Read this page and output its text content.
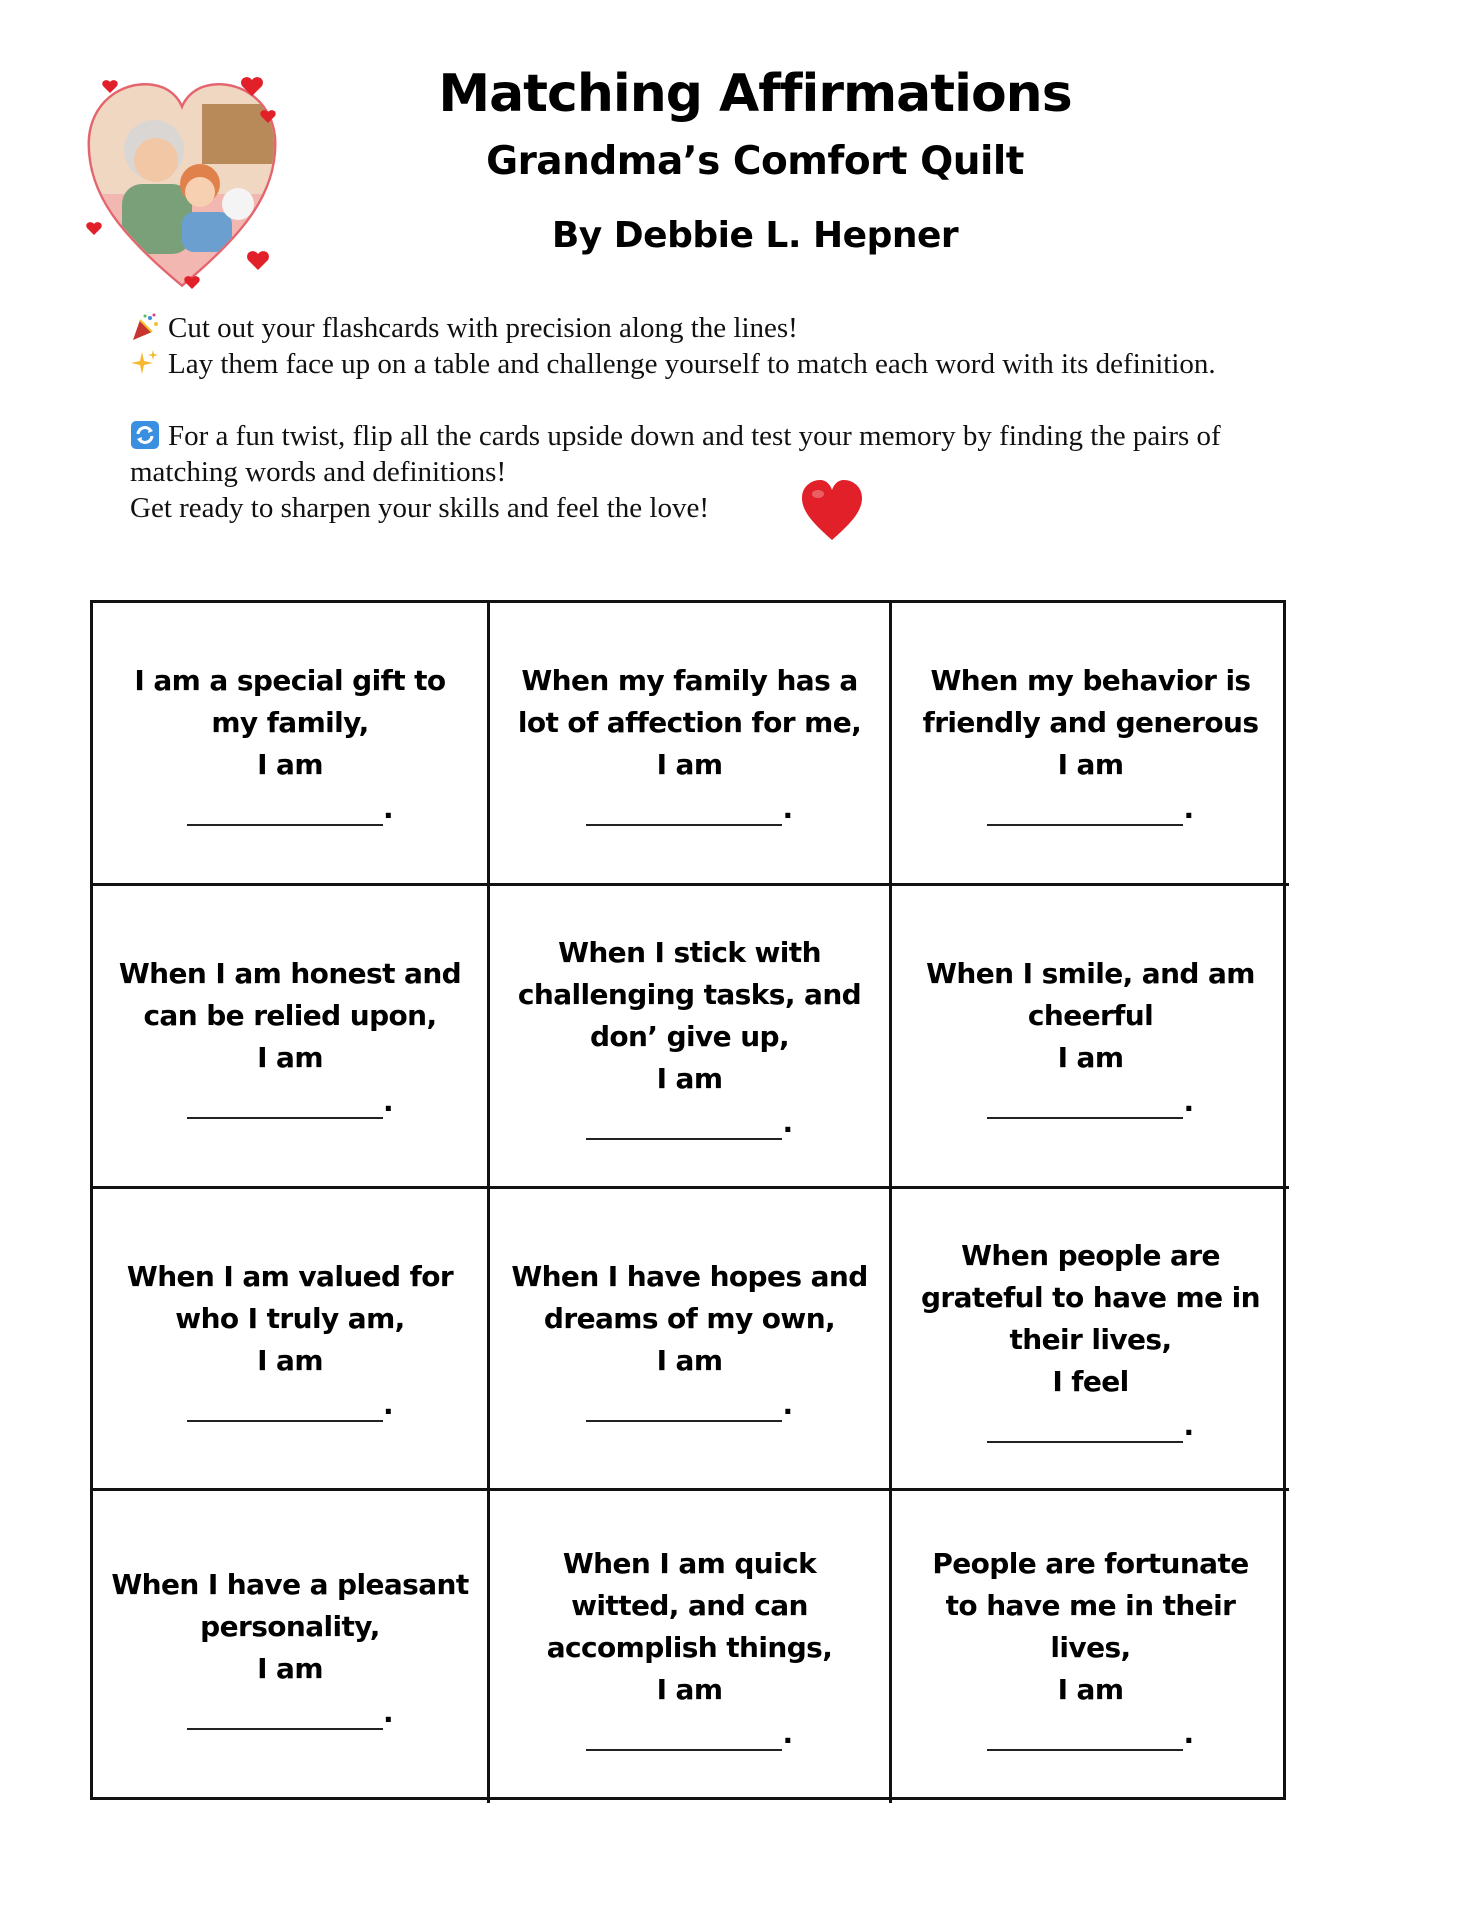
Matching Affirmations
Grandma’s Comfort Quilt
By Debbie L. Hepner
Cut out your flashcards with precision along the lines!
Lay them face up on a table and challenge yourself to match each word with its definition.
For a fun twist, flip all the cards upside down and test your memory by finding the pairs of
matching words and definitions!
Get ready to sharpen your skills and feel the love!
I am a special gift to
my family,
I am
.
When my family has a
lot of affection for me,
I am
.
When my behavior is
friendly and generous
I am
.
When I am honest and
can be relied upon,
I am
.
When I stick with
challenging tasks, and
don’ give up,
I am
.
When I smile, and am
cheerful
I am
.
When I am valued for
who I truly am,
I am
.
When I have hopes and
dreams of my own,
I am
.
When people are
grateful to have me in
their lives,
I feel
.
When I have a pleasant
personality,
I am
.
When I am quick
witted, and can
accomplish things,
I am
.
People are fortunate
to have me in their
lives,
I am
.
